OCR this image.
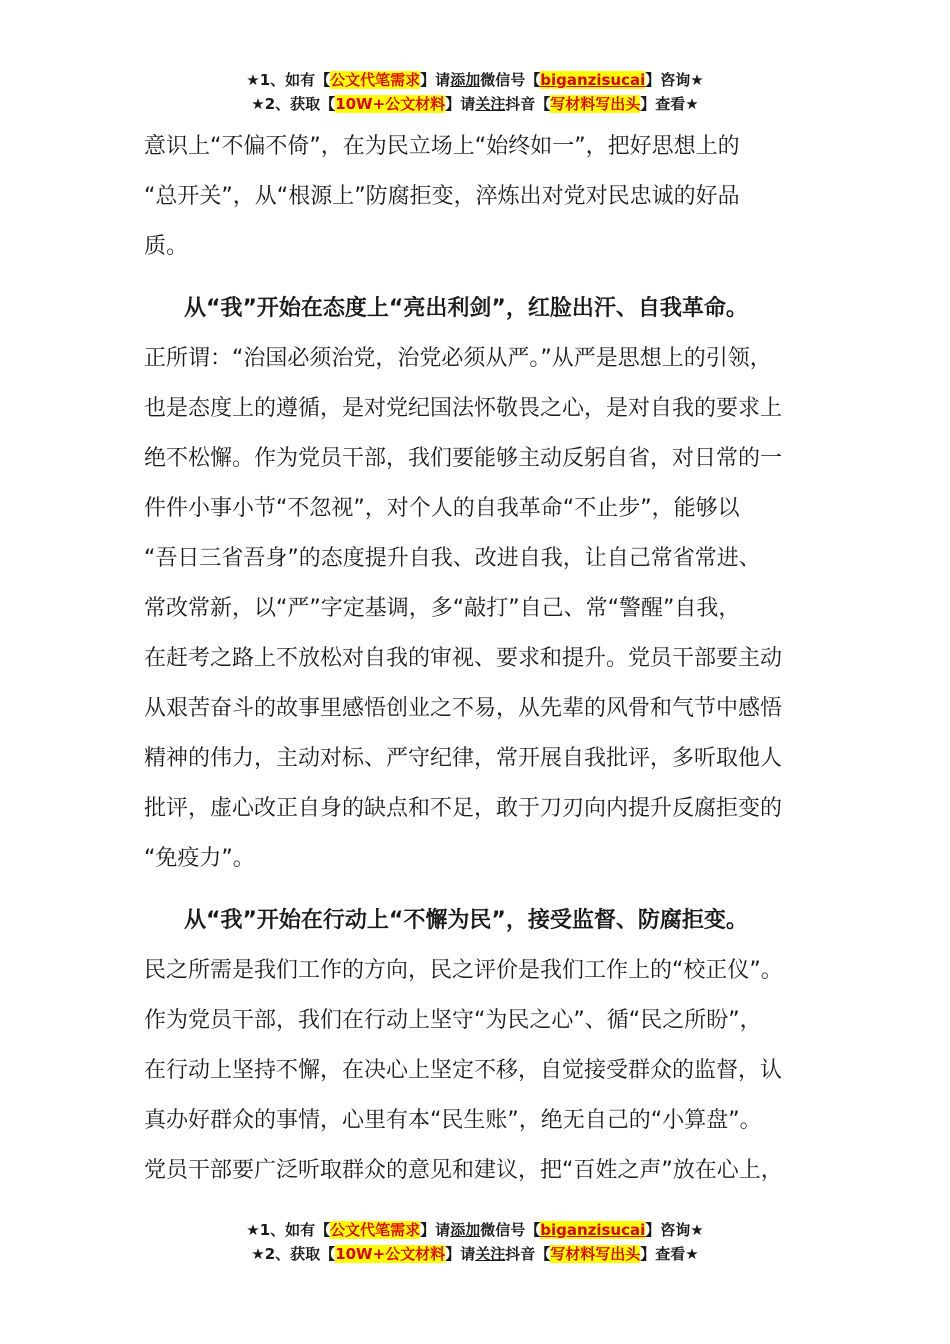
★1、如有【公文代笔需求】请添加微信号【biganzisucai】咨询★
★2、获取【10W+公文材料】请关注抖音【写材料写出头】查看★
意识上“不偏不倚”，在为民立场上“始终如一”，把好思想上的
“总开关”，从“根源上”防腐拒变，淬炼出对党对民忠诚的好品
质。
从“我”开始在态度上“亮出利剑”，红脸出汗、自我革命。
正所谓：“治国必须治党，治党必须从严。”从严是思想上的引领，
也是态度上的遵循，是对党纪国法怀敬畏之心，是对自我的要求上
绝不松懈。作为党员干部，我们要能够主动反躬自省，对日常的一
件件小事小节“不忽视”，对个人的自我革命“不止步”，能够以
“吾日三省吾身”的态度提升自我、改进自我，让自己常省常进、
常改常新，以“严”字定基调，多“敲打”自己、常“警醒”自我，
在赶考之路上不放松对自我的审视、要求和提升。党员干部要主动
从艰苦奋斗的故事里感悟创业之不易，从先辈的风骨和气节中感悟
精神的伟力，主动对标、严守纪律，常开展自我批评，多听取他人
批评，虚心改正自身的缺点和不足，敢于刀刃向内提升反腐拒变的
“免疫力”。
从“我”开始在行动上“不懈为民”，接受监督、防腐拒变。
民之所需是我们工作的方向，民之评价是我们工作上的“校正仪”。
作为党员干部，我们在行动上坚守“为民之心”、循“民之所盼”，
在行动上坚持不懈，在决心上坚定不移，自觉接受群众的监督，认
真办好群众的事情，心里有本“民生账”，绝无自己的“小算盘”。
党员干部要广泛听取群众的意见和建议，把“百姓之声”放在心上，
★1、如有【公文代笔需求】请添加微信号【biganzisucai】咨询★
★2、获取【10W+公文材料】请关注抖音【写材料写出头】查看★
